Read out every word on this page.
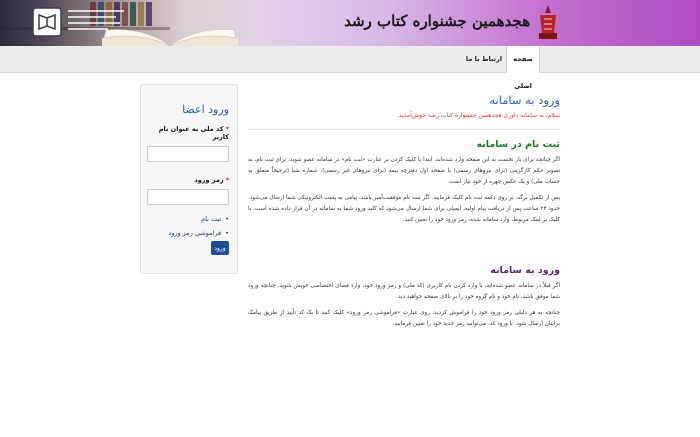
هجدهمین جشنواره کتاب رشد
صفحه اصلی
ارتباط با ما
ورود اعضا
*کد ملی به عنوان نام کاربر
*رمز ورود
• ثبت نام
• فراموشی رمز ورود
ورود
ورود به سامانه
سلام. به سامانه داوری هجدهمین جشنواره کتاب رشد خوش‌آمدید.
ثبت نام در سامانه

اگر چنانچه برای بار نخست به این صفحه وارد شده‌اید، ابتدا با کلیک کردن بر عبارت «ثبت نام» در سامانه عضو شوید. برای ثبت نام، به تصویر حکم کارگزینی (برای نیروهای رسمی) یا صفحه اول دفترچه بیمه (برای نیروهای غیر رسمی)، شماره شبا (ترجیحاً متعلق به حساب ملی) و یک عکس چهره از خود نیاز است.

پس از تکمیل برگه، بر روی دکمه ثبت نام کلیک فرمایید. اگر ثبت نام موفقیت‌آمیز باشد، پیامی به پست الکترونیکی شما ارسال می‌شود. حدود ۲۴ ساعت پس از دریافت پیام اولیه، ایمیلی برای شما ارسال می‌شود که کلید ورود شما به سامانه در آن قرار داده شده است. با کلیک بر لینک مربوط، وارد سامانه شده، رمز ورود خود را تعیین کنید.

ورود به سامانه

اگر قبلاً در سامانه عضو شده‌اید، با وارد کردن نام کاربری (کد ملی) و رمز ورود خود، وارد فضای اختصاصی خویش شوید. چنانچه ورود شما موفق باشد، نام خود و نام گروه خود را بر بالای صفحه خواهید دید.

چنانچه به هر دلیلی رمز ورود خود را فراموش کردید، روی عبارت «فراموشی رمز ورود» کلیک کنید تا یک کد تأیید از طریق پیامک برایتان ارسال شود. با ورود کد، می‌توانید رمز جدید خود را تعیین فرمایید.
